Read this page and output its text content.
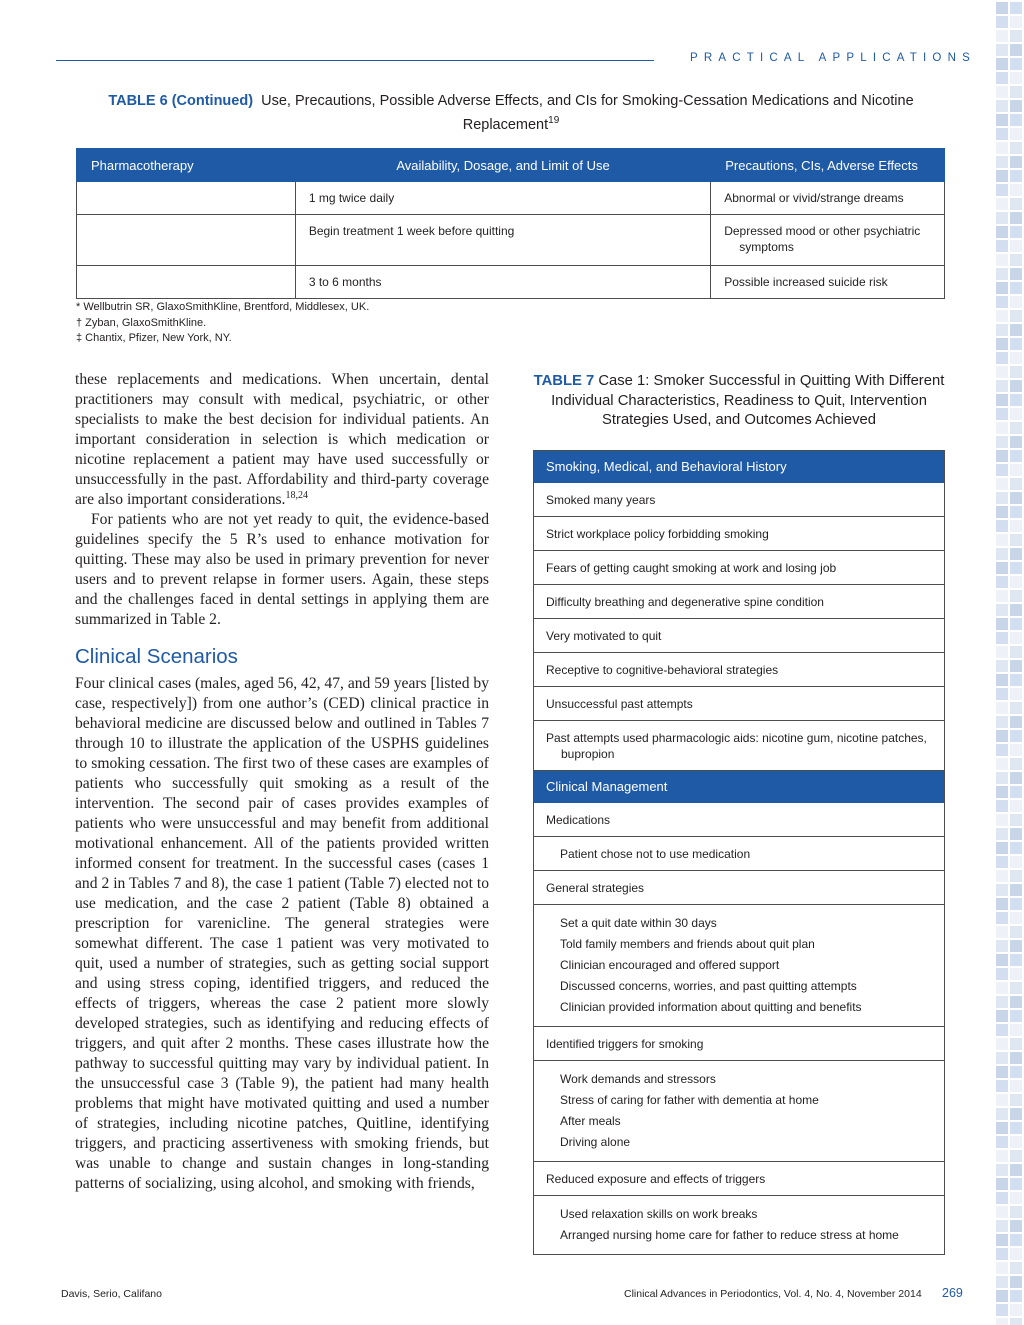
PRACTICAL APPLICATIONS
TABLE 6 (Continued) Use, Precautions, Possible Adverse Effects, and CIs for Smoking-Cessation Medications and Nicotine Replacement$^{19}$
Pharmacotherapy	Availability, Dosage, and Limit of Use	Precautions, CIs, Adverse Effects
	1 mg twice daily	Abnormal or vivid/strange dreams
	Begin treatment 1 week before quitting	Depressed mood or other psychiatric symptoms
	3 to 6 months	Possible increased suicide risk
* Wellbutrin SR, GlaxoSmithKline, Brentford, Middlesex, UK.
† Zyban, GlaxoSmithKline.
‡ Chantix, Pfizer, New York, NY.

these replacements and medications. When uncertain, dental practitioners may consult with medical, psychiatric, or other specialists to make the best decision for individual patients. An important consideration in selection is which medication or nicotine replacement a patient may have used successfully or unsuccessfully in the past. Affordability and third-party coverage are also important considerations.$^{18,24}$

For patients who are not yet ready to quit, the evidence-based guidelines specify the 5 R’s used to enhance motivation for quitting. These may also be used in primary prevention for never users and to prevent relapse in former users. Again, these steps and the challenges faced in dental settings in applying them are summarized in Table 2.

Clinical Scenarios

Four clinical cases (males, aged 56, 42, 47, and 59 years [listed by case, respectively]) from one author’s (CED) clinical practice in behavioral medicine are discussed below and outlined in Tables 7 through 10 to illustrate the application of the USPHS guidelines to smoking cessation. The first two of these cases are examples of patients who successfully quit smoking as a result of the intervention. The second pair of cases provides examples of patients who were unsuccessful and may benefit from additional motivational enhancement. All of the patients provided written informed consent for treatment. In the successful cases (cases 1 and 2 in Tables 7 and 8), the case 1 patient (Table 7) elected not to use medication, and the case 2 patient (Table 8) obtained a prescription for varenicline. The general strategies were somewhat different. The case 1 patient was very motivated to quit, used a number of strategies, such as getting social support and using stress coping, identified triggers, and reduced the effects of triggers, whereas the case 2 patient more slowly developed strategies, such as identifying and reducing effects of triggers, and quit after 2 months. These cases illustrate how the pathway to successful quitting may vary by individual patient. In the unsuccessful case 3 (Table 9), the patient had many health problems that might have motivated quitting and used a number of strategies, including nicotine patches, Quitline, identifying triggers, and practicing assertiveness with smoking friends, but was unable to change and sustain changes in long-standing patterns of socializing, using alcohol, and smoking with friends,

TABLE 7 Case 1: Smoker Successful in Quitting With Different Individual Characteristics, Readiness to Quit, Intervention Strategies Used, and Outcomes Achieved
Smoking, Medical, and Behavioral History
Smoked many years
Strict workplace policy forbidding smoking
Fears of getting caught smoking at work and losing job
Difficulty breathing and degenerative spine condition
Very motivated to quit
Receptive to cognitive-behavioral strategies
Unsuccessful past attempts
Past attempts used pharmacologic aids: nicotine gum, nicotine patches, bupropion
Clinical Management
Medications
Patient chose not to use medication
General strategies
Set a quit date within 30 days
Told family members and friends about quit plan
Clinician encouraged and offered support
Discussed concerns, worries, and past quitting attempts
Clinician provided information about quitting and benefits
Identified triggers for smoking
Work demands and stressors
Stress of caring for father with dementia at home
After meals
Driving alone
Reduced exposure and effects of triggers
Used relaxation skills on work breaks
Arranged nursing home care for father to reduce stress at home
Davis, Serio, Califano	Clinical Advances in Periodontics, Vol. 4, No. 4, November 2014 269
